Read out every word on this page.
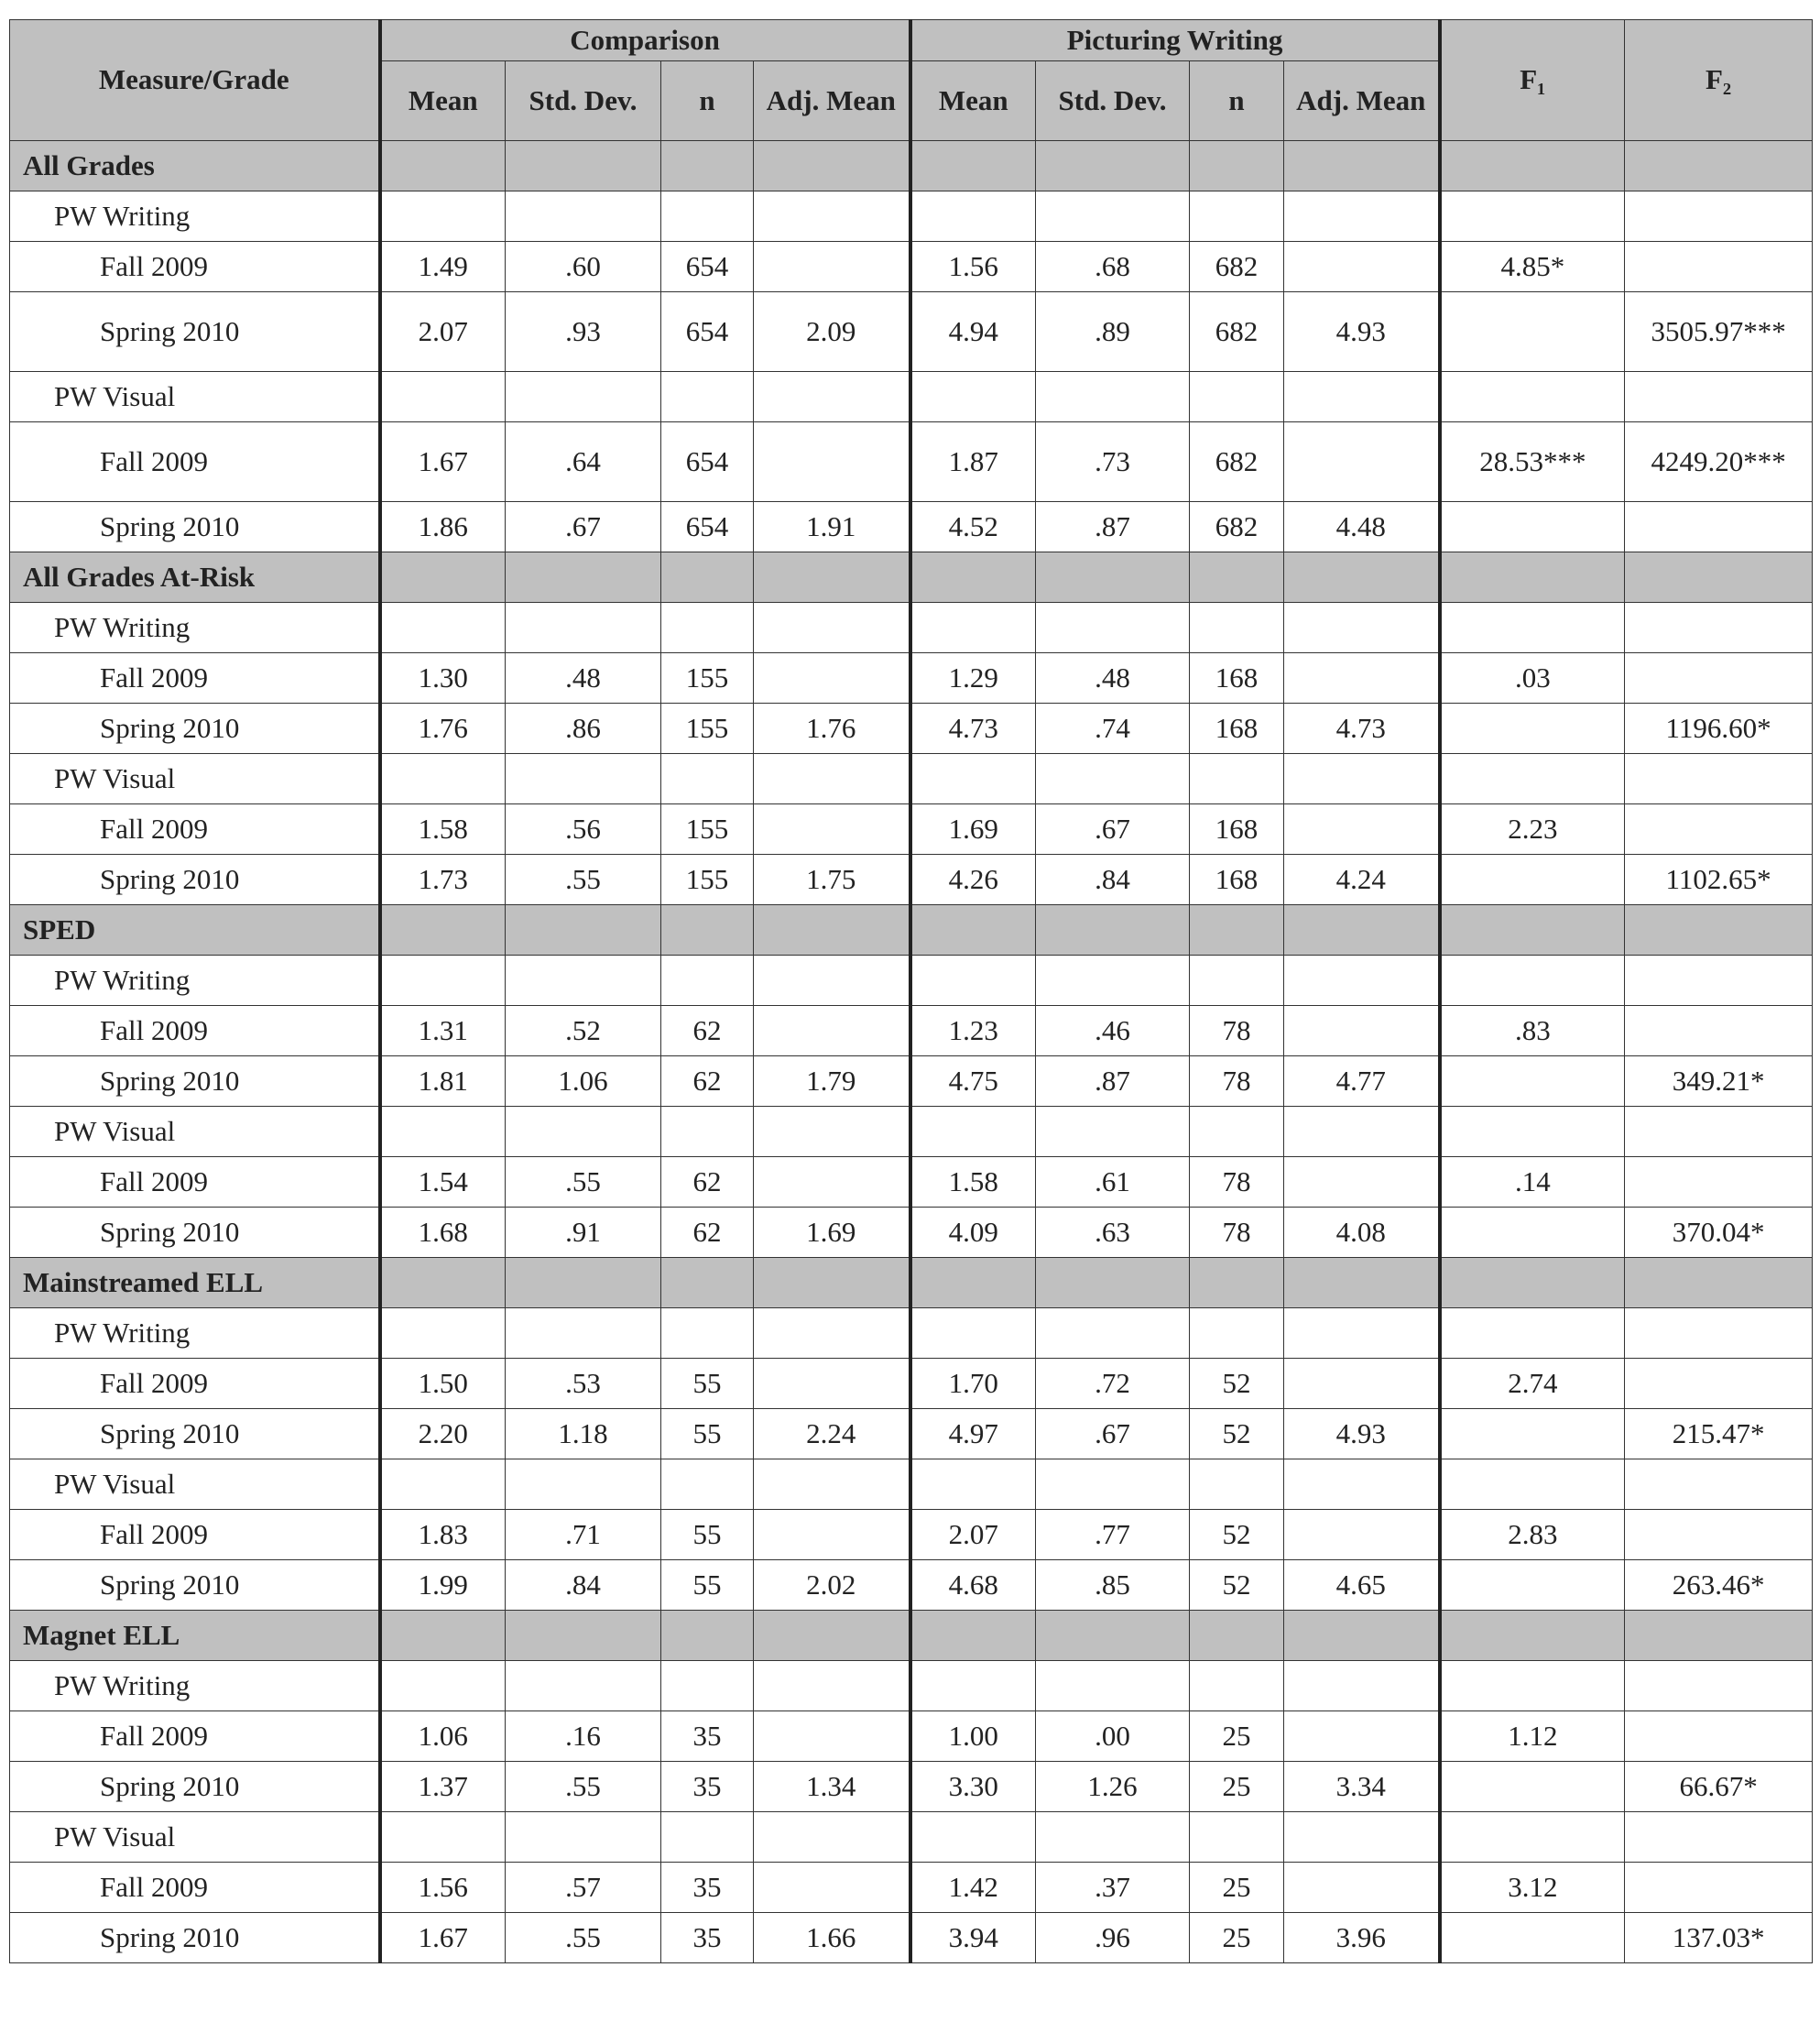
Measure/Grade	Comparison				Picturing Writing				F₁	F₂
	Mean	Std. Dev.	n	Adj. Mean	Mean	Std. Dev.	n	Adj. Mean		
All Grades										
PW Writing										
Fall 2009	1.49	.60	654		1.56	.68	682		4.85*	
Spring 2010	2.07	.93	654	2.09	4.94	.89	682	4.93		3505.97***
PW Visual										
Fall 2009	1.67	.64	654		1.87	.73	682		28.53***	4249.20***
Spring 2010	1.86	.67	654	1.91	4.52	.87	682	4.48		
All Grades At-Risk										
PW Writing										
Fall 2009	1.30	.48	155		1.29	.48	168		.03	
Spring 2010	1.76	.86	155	1.76	4.73	.74	168	4.73		1196.60*
PW Visual										
Fall 2009	1.58	.56	155		1.69	.67	168		2.23	
Spring 2010	1.73	.55	155	1.75	4.26	.84	168	4.24		1102.65*
SPED										
PW Writing										
Fall 2009	1.31	.52	62		1.23	.46	78		.83	
Spring 2010	1.81	1.06	62	1.79	4.75	.87	78	4.77		349.21*
PW Visual										
Fall 2009	1.54	.55	62		1.58	.61	78		.14	
Spring 2010	1.68	.91	62	1.69	4.09	.63	78	4.08		370.04*
Mainstreamed ELL										
PW Writing										
Fall 2009	1.50	.53	55		1.70	.72	52		2.74	
Spring 2010	2.20	1.18	55	2.24	4.97	.67	52	4.93		215.47*
PW Visual										
Fall 2009	1.83	.71	55		2.07	.77	52		2.83	
Spring 2010	1.99	.84	55	2.02	4.68	.85	52	4.65		263.46*
Magnet ELL										
PW Writing										
Fall 2009	1.06	.16	35		1.00	.00	25		1.12	
Spring 2010	1.37	.55	35	1.34	3.30	1.26	25	3.34		66.67*
PW Visual										
Fall 2009	1.56	.57	35		1.42	.37	25		3.12	
Spring 2010	1.67	.55	35	1.66	3.94	.96	25	3.96		137.03*
